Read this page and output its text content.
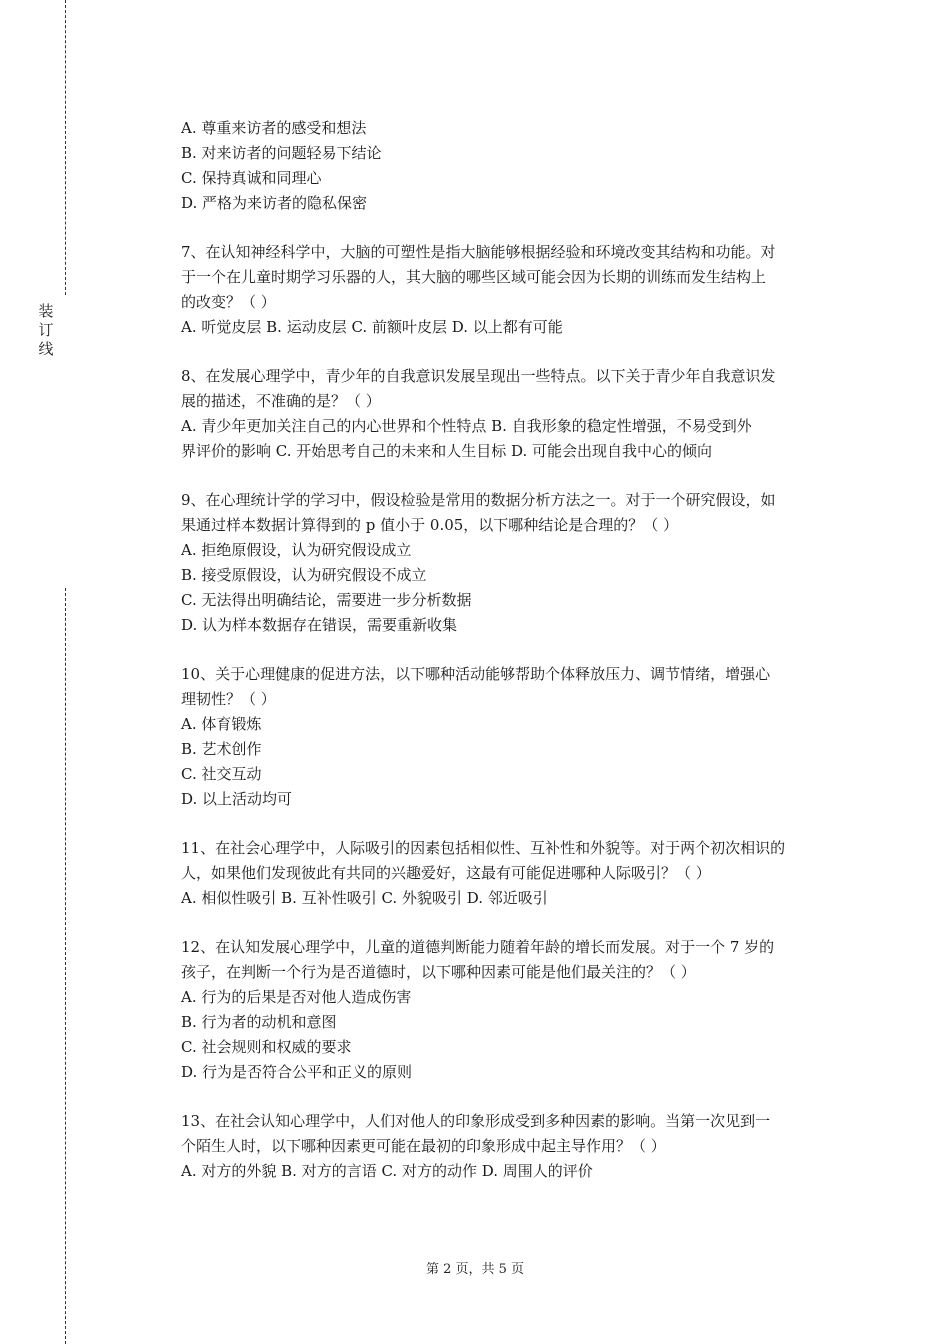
装
订
线
A. 尊重来访者的感受和想法
B. 对来访者的问题轻易下结论
C. 保持真诚和同理心
D. 严格为来访者的隐私保密
7、在认知神经科学中，大脑的可塑性是指大脑能够根据经验和环境改变其结构和功能。对
于一个在儿童时期学习乐器的人，其大脑的哪些区域可能会因为长期的训练而发生结构上
的改变？（ ）
A. 听觉皮层 B. 运动皮层 C. 前额叶皮层 D. 以上都有可能
8、在发展心理学中，青少年的自我意识发展呈现出一些特点。以下关于青少年自我意识发
展的描述，不准确的是？（ ）
A. 青少年更加关注自己的内心世界和个性特点 B. 自我形象的稳定性增强，不易受到外
界评价的影响 C. 开始思考自己的未来和人生目标 D. 可能会出现自我中心的倾向
9、在心理统计学的学习中，假设检验是常用的数据分析方法之一。对于一个研究假设，如
果通过样本数据计算得到的 p 值小于 0.05，以下哪种结论是合理的？（ ）
A. 拒绝原假设，认为研究假设成立
B. 接受原假设，认为研究假设不成立
C. 无法得出明确结论，需要进一步分析数据
D. 认为样本数据存在错误，需要重新收集
10、关于心理健康的促进方法，以下哪种活动能够帮助个体释放压力、调节情绪，增强心
理韧性？（ ）
A. 体育锻炼
B. 艺术创作
C. 社交互动
D. 以上活动均可
11、在社会心理学中，人际吸引的因素包括相似性、互补性和外貌等。对于两个初次相识的
人，如果他们发现彼此有共同的兴趣爱好，这最有可能促进哪种人际吸引？（ ）
A. 相似性吸引 B. 互补性吸引 C. 外貌吸引 D. 邻近吸引
12、在认知发展心理学中，儿童的道德判断能力随着年龄的增长而发展。对于一个 7 岁的
孩子，在判断一个行为是否道德时，以下哪种因素可能是他们最关注的？（ ）
A. 行为的后果是否对他人造成伤害
B. 行为者的动机和意图
C. 社会规则和权威的要求
D. 行为是否符合公平和正义的原则
13、在社会认知心理学中，人们对他人的印象形成受到多种因素的影响。当第一次见到一
个陌生人时，以下哪种因素更可能在最初的印象形成中起主导作用？（ ）
A. 对方的外貌 B. 对方的言语 C. 对方的动作 D. 周围人的评价
第 2 页，共 5 页
